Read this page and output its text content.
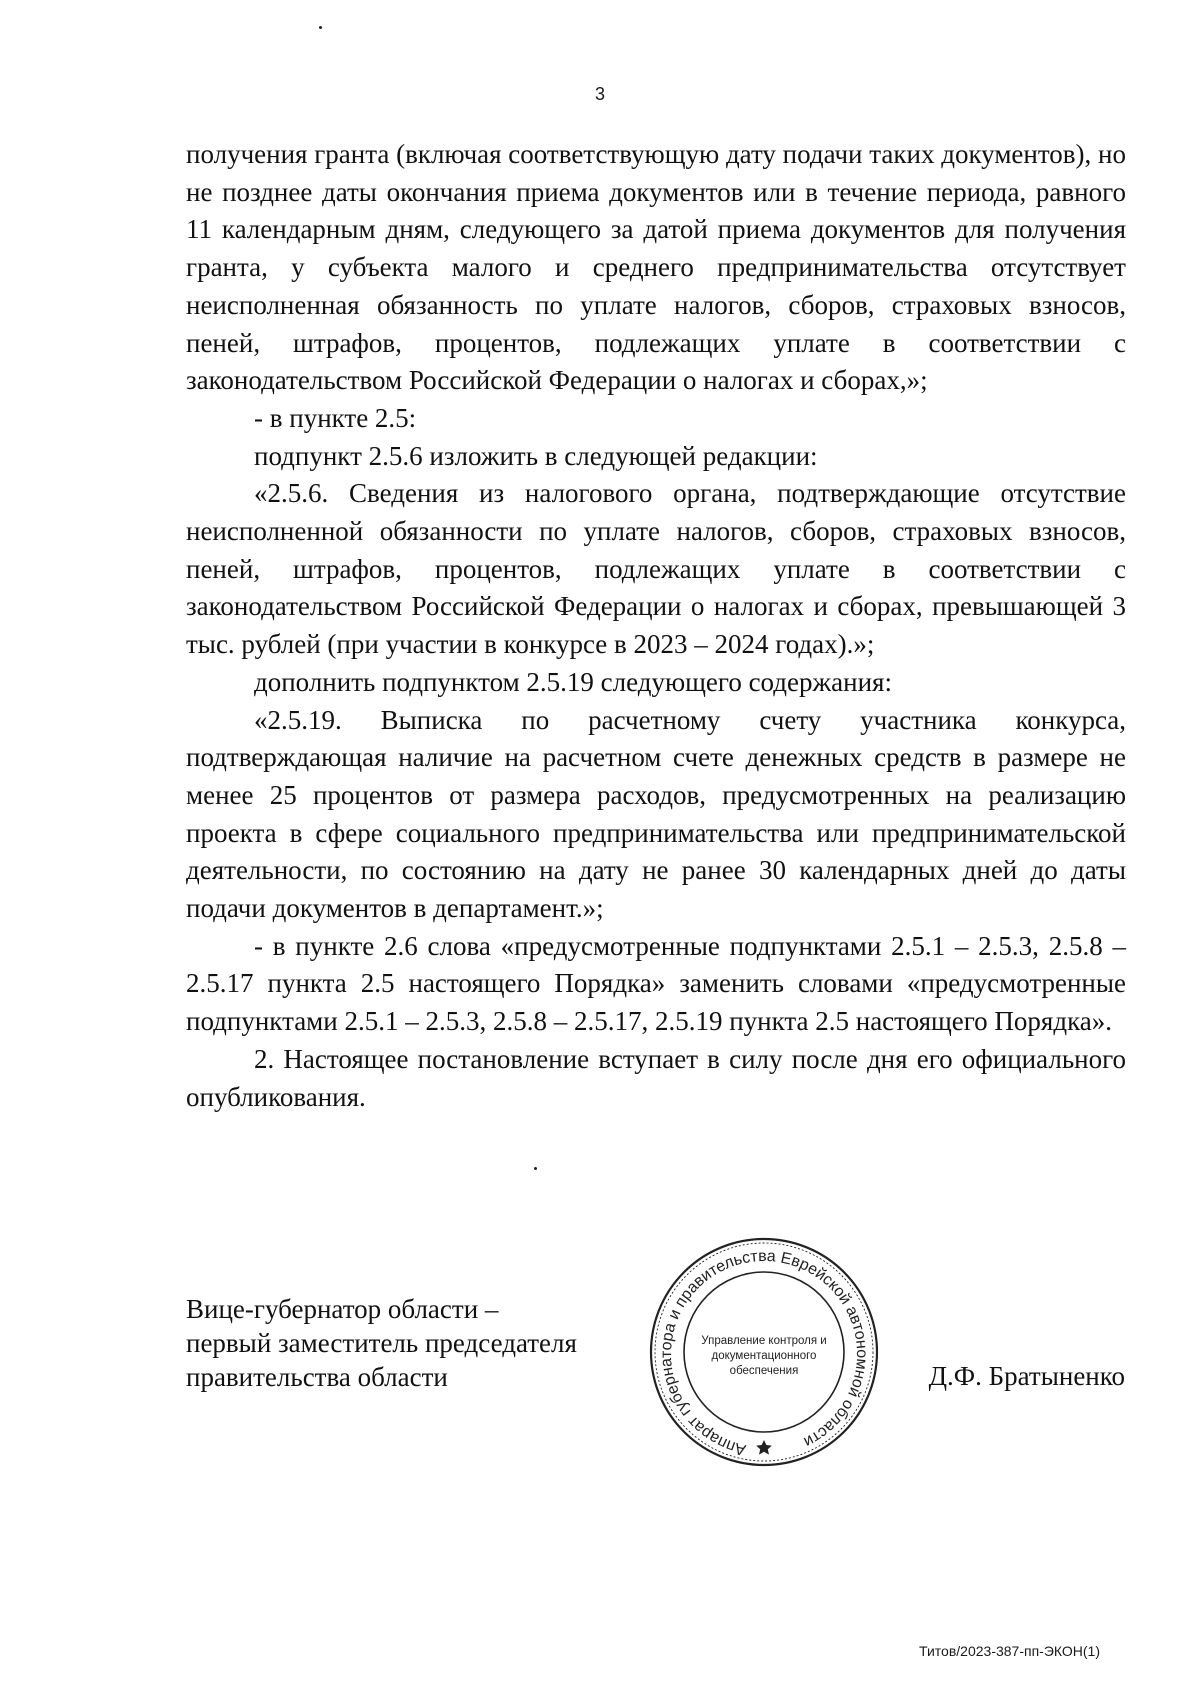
3

получения гранта (включая соответствующую дату подачи таких документов), но не позднее даты окончания приема документов или в течение периода, равного 11 календарным дням, следующего за датой приема документов для получения гранта, у субъекта малого и среднего предпринимательства отсутствует неисполненная обязанность по уплате налогов, сборов, страховых взносов, пеней, штрафов, процентов, подлежащих уплате в соответствии с законодательством Российской Федерации о налогах и сборах,»;

- в пункте 2.5:

подпункт 2.5.6 изложить в следующей редакции:

«2.5.6. Сведения из налогового органа, подтверждающие отсутствие неисполненной обязанности по уплате налогов, сборов, страховых взносов, пеней, штрафов, процентов, подлежащих уплате в соответствии с законодательством Российской Федерации о налогах и сборах, превышающей 3 тыс. рублей (при участии в конкурсе в 2023 – 2024 годах).»;

дополнить подпунктом 2.5.19 следующего содержания:

«2.5.19. Выписка по расчетному счету участника конкурса, подтверждающая наличие на расчетном счете денежных средств в размере не менее 25 процентов от размера расходов, предусмотренных на реализацию проекта в сфере социального предпринимательства или предпринимательской деятельности, по состоянию на дату не ранее 30 календарных дней до даты подачи документов в департамент.»;

- в пункте 2.6 слова «предусмотренные подпунктами 2.5.1 – 2.5.3, 2.5.8 – 2.5.17 пункта 2.5 настоящего Порядка» заменить словами «предусмотренные подпунктами 2.5.1 – 2.5.3, 2.5.8 – 2.5.17, 2.5.19 пункта 2.5 настоящего Порядка».

2. Настоящее постановление вступает в силу после дня его официального опубликования.

Вице-губернатор области –
первый заместитель председателя
правительства области
Аппарат губернатора и правительства Еврейской автономной области
Управление контроля и
документационного
обеспечения	Д.Ф. Братыненко
Титов/2023-387-пп-ЭКОН(1)
